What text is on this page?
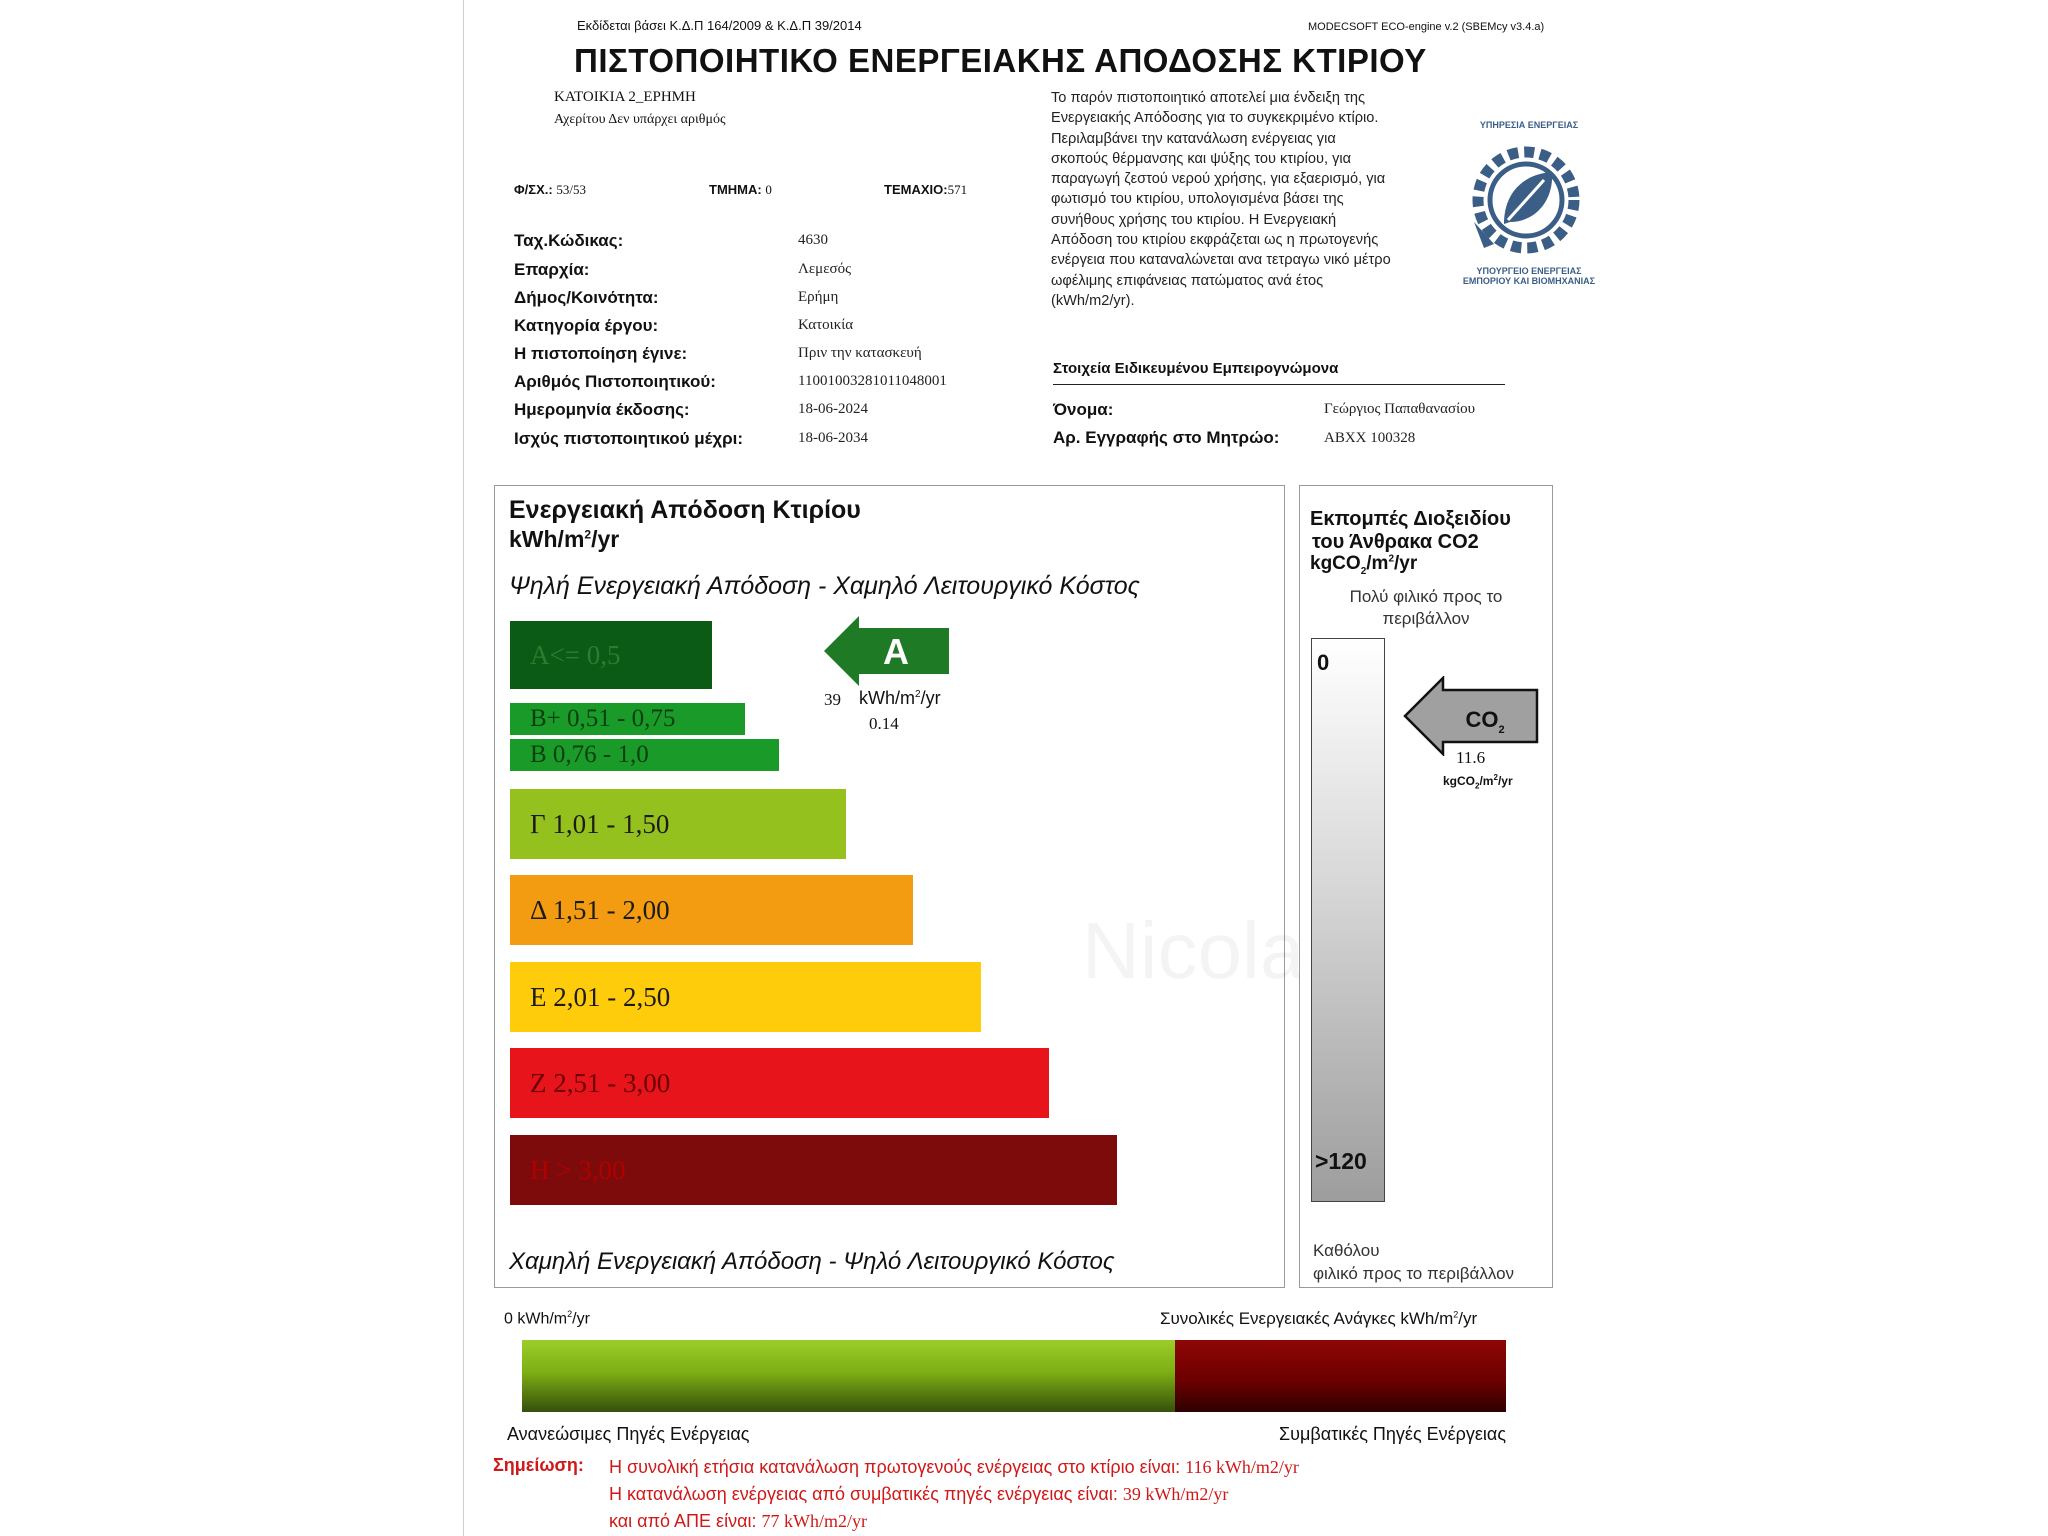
Εκδίδεται βάσει Κ.Δ.Π 164/2009 & Κ.Δ.Π 39/2014	MODECSOFT ECO-engine v.2 (SBEMcy v3.4.a)
ΠΙΣΤΟΠΟΙΗΤΙΚΟ ΕΝΕΡΓΕΙΑΚΗΣ ΑΠΟΔΟΣΗΣ ΚΤΙΡΙΟΥ
ΚΑΤΟΙΚΙΑ 2_ΕΡΗΜΗ
Αχερίτου Δεν υπάρχει αριθμός
Φ/ΣΧ.: 53/53	ΤΜΗΜΑ: 0	ΤΕΜΑΧΙΟ:571
Ταχ.Κώδικας:	4630
Επαρχία:	Λεμεσός
Δήμος/Κοινότητα:	Ερήμη
Κατηγορία έργου:	Κατοικία
Η πιστοποίηση έγινε:	Πριν την κατασκευή
Αριθμός Πιστοποιητικού:	11001003281011048001
Ημερομηνία έκδοσης:	18-06-2024
Ισχύς πιστοποιητικού μέχρι:	18-06-2034
Το παρόν πιστοποιητικό αποτελεί μια ένδειξη της Ενεργειακής Απόδοσης για το συγκεκριμένο κτίριο. Περιλαμβάνει την κατανάλωση ενέργειας για σκοπούς θέρμανσης και ψύξης του κτιρίου, για παραγωγή ζεστού νερού χρήσης, για εξαερισμό, για φωτισμό του κτιρίου, υπολογισμένα βάσει της συνήθους χρήσης του κτιρίου. Η Ενεργειακή Απόδοση του κτιρίου εκφράζεται ως η πρωτογενής ενέργεια που καταναλώνεται ανα τετραγω νικό μέτρο ωφέλιμης επιφάνειας πατώματος ανά έτος (kWh/m2/yr).
ΥΠΗΡΕΣΙΑ ΕΝΕΡΓΕΙΑΣ
ΥΠΟΥΡΓΕΙΟ ΕΝΕΡΓΕΙΑΣ
ΕΜΠΟΡΙΟΥ ΚΑΙ ΒΙΟΜΗΧΑΝΙΑΣ
Στοιχεία Ειδικευμένου Εμπειρογνώμονα
Όνομα:	Γεώργιος Παπαθανασίου
Αρ. Εγγραφής στο Μητρώο:	ΑΒΧΧ 100328
Ενεργειακή Απόδοση Κτιρίου
kWh/$m^2/yr$
Ψηλή Ενεργειακή Απόδοση - Χαμηλό Λειτουργικό Κόστος
A<= 0,5
B+ 0,51 - 0,75
B 0,76 - 1,0
Γ 1,01 - 1,50
Δ 1,51 - 2,00
Ε 2,01 - 2,50
Ζ 2,51 - 3,00
Η > 3,00
A
39 kWh/$m^2/yr$
0.14
Χαμηλή Ενεργειακή Απόδοση - Ψηλό Λειτουργικό Κόστος
Εκπομπές Διοξειδίου
του Άνθρακα CO2
$kgCO_2/m^2/yr$
Πολύ φιλικό προς το
περιβάλλον
0
>120
$CO_2$
11.6
$kgCO_2/m^2/yr$
Καθόλου
φιλικό προς το περιβάλλον
0 kWh/$m^2/yr$	Συνολικές Ενεργειακές Ανάγκες kWh/$m^2/yr$
Ανανεώσιμες Πηγές Ενέργειας	Συμβατικές Πηγές Ενέργειας
Σημείωση: Η συνολική ετήσια κατανάλωση πρωτογενούς ενέργειας στο κτίριο είναι: 116 kWh/m2/yr
Η κατανάλωση ενέργειας από συμβατικές πηγές ενέργειας είναι: 39 kWh/m2/yr
και από ΑΠΕ είναι: 77 kWh/m2/yr
